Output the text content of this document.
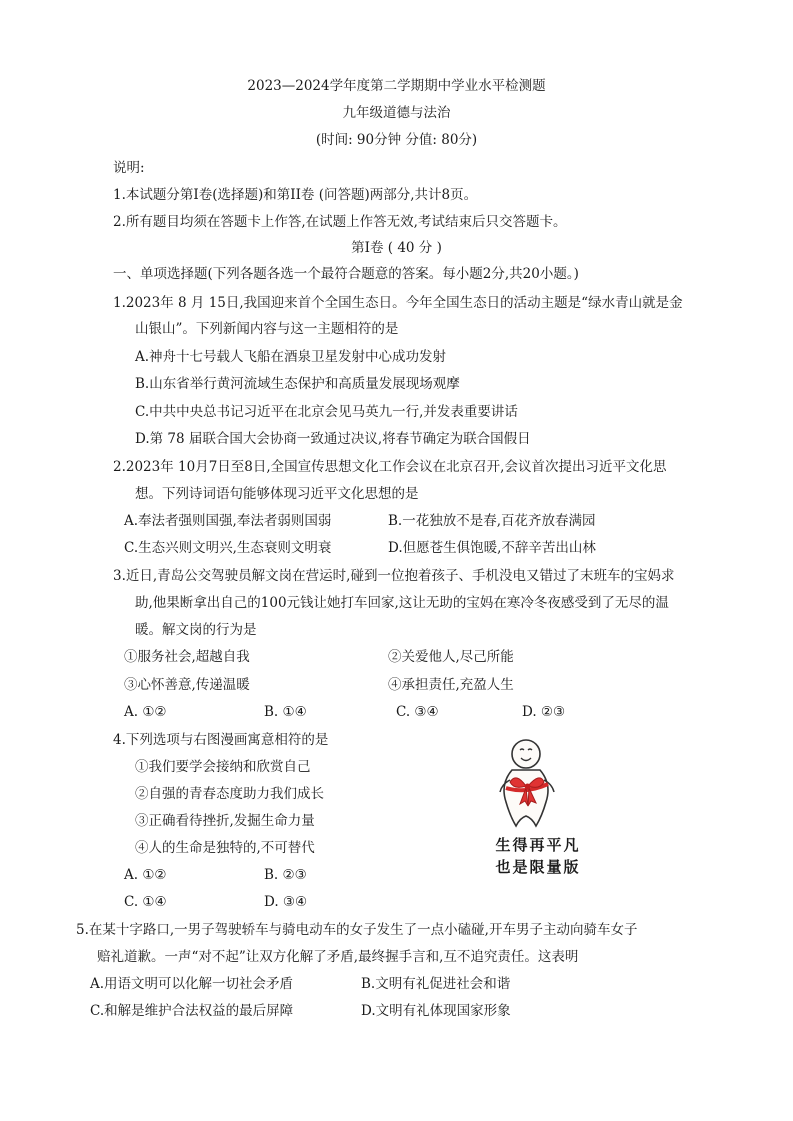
2023—2024学年度第二学期期中学业水平检测题
九年级道德与法治
(时间: 90分钟 分值: 80分)
说明:
1.本试题分第Ⅰ卷(选择题)和第II卷 (问答题)两部分,共计8页。
2.所有题目均须在答题卡上作答,在试题上作答无效,考试结束后只交答题卡。
第Ⅰ卷 ( 40 分 )
一、单项选择题(下列各题各选一个最符合题意的答案。每小题2分,共20小题。)
1.2023年 8 月 15日,我国迎来首个全国生态日。今年全国生态日的活动主题是“绿水青山就是金
山银山”。下列新闻内容与这一主题相符的是
A.神舟十七号载人飞船在酒泉卫星发射中心成功发射
B.山东省举行黄河流域生态保护和高质量发展现场观摩
C.中共中央总书记习近平在北京会见马英九一行,并发表重要讲话
D.第 78 届联合国大会协商一致通过决议,将春节确定为联合国假日
2.2023年 10月7日至8日,全国宣传思想文化工作会议在北京召开,会议首次提出习近平文化思
想。下列诗词语句能够体现习近平文化思想的是
A.奉法者强则国强,奉法者弱则国弱	B.一花独放不是春,百花齐放春满园
C.生态兴则文明兴,生态衰则文明衰	D.但愿苍生俱饱暖,不辞辛苦出山林
3.近日,青岛公交驾驶员解文岗在营运时,碰到一位抱着孩子、手机没电又错过了末班车的宝妈求
助,他果断拿出自己的100元钱让她打车回家,这让无助的宝妈在寒冷冬夜感受到了无尽的温
暖。解文岗的行为是
①服务社会,超越自我	②关爱他人,尽己所能
③心怀善意,传递温暖	④承担责任,充盈人生
A. ①②	B. ①④	C. ③④	D. ②③
4.下列选项与右图漫画寓意相符的是
①我们要学会接纳和欣赏自己
②自强的青春态度助力我们成长
③正确看待挫折,发掘生命力量
④人的生命是独特的,不可替代
A. ①②	B. ②③
C. ①④	D. ③④
生得再平凡
也是限量版
5.在某十字路口,一男子驾驶轿车与骑电动车的女子发生了一点小磕碰,开车男子主动向骑车女子
赔礼道歉。一声“对不起”让双方化解了矛盾,最终握手言和,互不追究责任。这表明
A.用语文明可以化解一切社会矛盾	B.文明有礼促进社会和谐
C.和解是维护合法权益的最后屏障	D.文明有礼体现国家形象
